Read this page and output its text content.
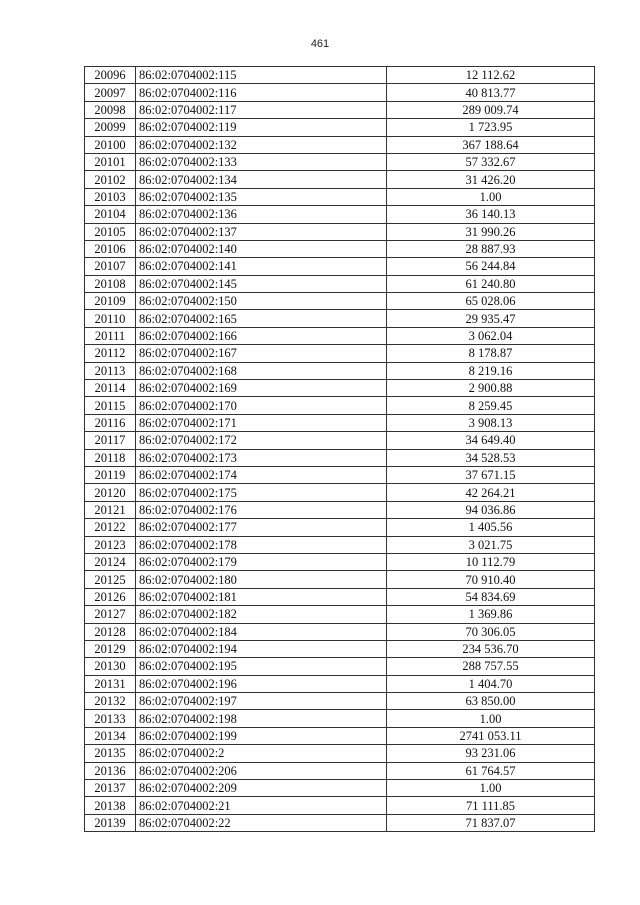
461
20096	86:02:0704002:115	12 112.62
20097	86:02:0704002:116	40 813.77
20098	86:02:0704002:117	289 009.74
20099	86:02:0704002:119	1 723.95
20100	86:02:0704002:132	367 188.64
20101	86:02:0704002:133	57 332.67
20102	86:02:0704002:134	31 426.20
20103	86:02:0704002:135	1.00
20104	86:02:0704002:136	36 140.13
20105	86:02:0704002:137	31 990.26
20106	86:02:0704002:140	28 887.93
20107	86:02:0704002:141	56 244.84
20108	86:02:0704002:145	61 240.80
20109	86:02:0704002:150	65 028.06
20110	86:02:0704002:165	29 935.47
20111	86:02:0704002:166	3 062.04
20112	86:02:0704002:167	8 178.87
20113	86:02:0704002:168	8 219.16
20114	86:02:0704002:169	2 900.88
20115	86:02:0704002:170	8 259.45
20116	86:02:0704002:171	3 908.13
20117	86:02:0704002:172	34 649.40
20118	86:02:0704002:173	34 528.53
20119	86:02:0704002:174	37 671.15
20120	86:02:0704002:175	42 264.21
20121	86:02:0704002:176	94 036.86
20122	86:02:0704002:177	1 405.56
20123	86:02:0704002:178	3 021.75
20124	86:02:0704002:179	10 112.79
20125	86:02:0704002:180	70 910.40
20126	86:02:0704002:181	54 834.69
20127	86:02:0704002:182	1 369.86
20128	86:02:0704002:184	70 306.05
20129	86:02:0704002:194	234 536.70
20130	86:02:0704002:195	288 757.55
20131	86:02:0704002:196	1 404.70
20132	86:02:0704002:197	63 850.00
20133	86:02:0704002:198	1.00
20134	86:02:0704002:199	2741 053.11
20135	86:02:0704002:2	93 231.06
20136	86:02:0704002:206	61 764.57
20137	86:02:0704002:209	1.00
20138	86:02:0704002:21	71 111.85
20139	86:02:0704002:22	71 837.07
